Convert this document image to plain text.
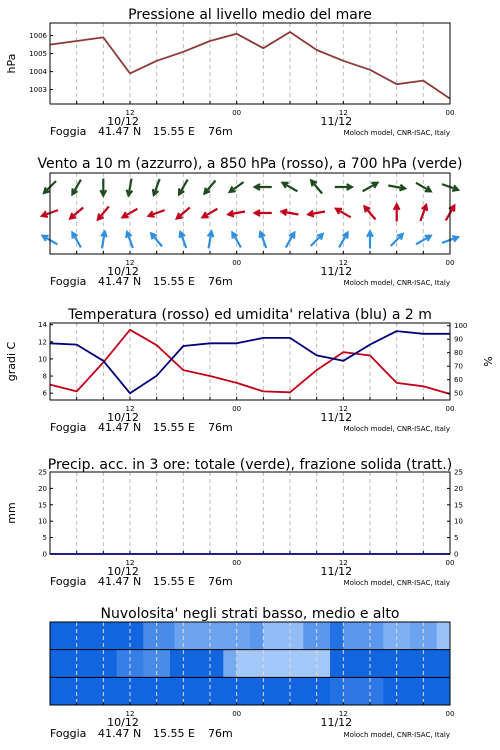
Pressione al livello medio del mare
Vento a 10 m (azzurro), a 850 hPa (rosso), a 700 hPa (verde)
Temperatura (rosso) ed umidita' relativa (blu) a 2 m
Precip. acc. in 3 ore: totale (verde), frazione solida (tratt.)
Nuvolosita' negli strati basso, medio e alto
12	00	12	00
10/12	11/12
Foggia 41.47 N 15.55 E 76m	Moloch model, CNR-ISAC, Italy
1003
1004
1005
1006
hPa
12	00	12	00
10/12	11/12
Foggia 41.47 N 15.55 E 76m	Moloch model, CNR-ISAC, Italy
12	00	12	00
10/12	11/12
Foggia 41.47 N 15.55 E 76m	Moloch model, CNR-ISAC, Italy
6
8
10
12
14
50
60
70
80
90
100
gradi C	%
12	00	12	00
10/12	11/12
Foggia 41.47 N 15.55 E 76m	Moloch model, CNR-ISAC, Italy
0
5
10
15
20
25
0
5
10
15
20
25
mm
12	00	12	00
10/12	11/12
Foggia 41.47 N 15.55 E 76m	Moloch model, CNR-ISAC, Italy
